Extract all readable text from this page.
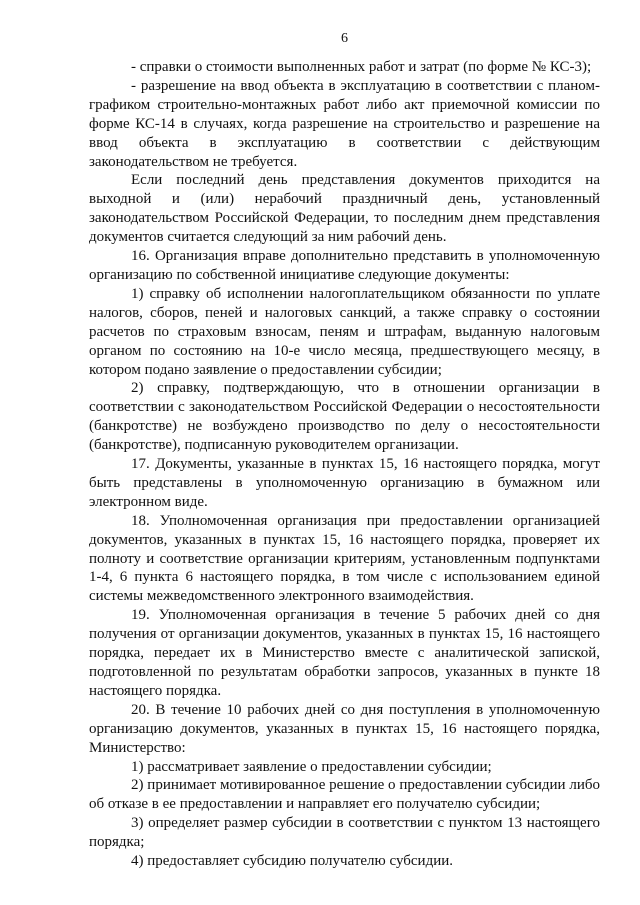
6

- справки о стоимости выполненных работ и затрат (по форме № КС-3);

- разрешение на ввод объекта в эксплуатацию в соответствии с планом-графиком строительно-монтажных работ либо акт приемочной комиссии по форме КС-14 в случаях, когда разрешение на строительство и разрешение на ввод объекта в эксплуатацию в соответствии с действующим законодательством не требуется.

Если последний день представления документов приходится на выходной и (или) нерабочий праздничный день, установленный законодательством Российской Федерации, то последним днем представления документов считается следующий за ним рабочий день.

16. Организация вправе дополнительно представить в уполномоченную организацию по собственной инициативе следующие документы:

1) справку об исполнении налогоплательщиком обязанности по уплате налогов, сборов, пеней и налоговых санкций, а также справку о состоянии расчетов по страховым взносам, пеням и штрафам, выданную налоговым органом по состоянию на 10-е число месяца, предшествующего месяцу, в котором подано заявление о предоставлении субсидии;

2) справку, подтверждающую, что в отношении организации в соответствии с законодательством Российской Федерации о несостоятельности (банкротстве) не возбуждено производство по делу о несостоятельности (банкротстве), подписанную руководителем организации.

17. Документы, указанные в пунктах 15, 16 настоящего порядка, могут быть представлены в уполномоченную организацию в бумажном или электронном виде.

18. Уполномоченная организация при предоставлении организацией документов, указанных в пунктах 15, 16 настоящего порядка, проверяет их полноту и соответствие организации критериям, установленным подпунктами 1-4, 6 пункта 6 настоящего порядка, в том числе с использованием единой системы межведомственного электронного взаимодействия.

19. Уполномоченная организация в течение 5 рабочих дней со дня получения от организации документов, указанных в пунктах 15, 16 настоящего порядка, передает их в Министерство вместе с аналитической запиской, подготовленной по результатам обработки запросов, указанных в пункте 18 настоящего порядка.

20. В течение 10 рабочих дней со дня поступления в уполномоченную организацию документов, указанных в пунктах 15, 16 настоящего порядка, Министерство:

1) рассматривает заявление о предоставлении субсидии;

2) принимает мотивированное решение о предоставлении субсидии либо об отказе в ее предоставлении и направляет его получателю субсидии;

3) определяет размер субсидии в соответствии с пунктом 13 настоящего порядка;

4) предоставляет субсидию получателю субсидии.
